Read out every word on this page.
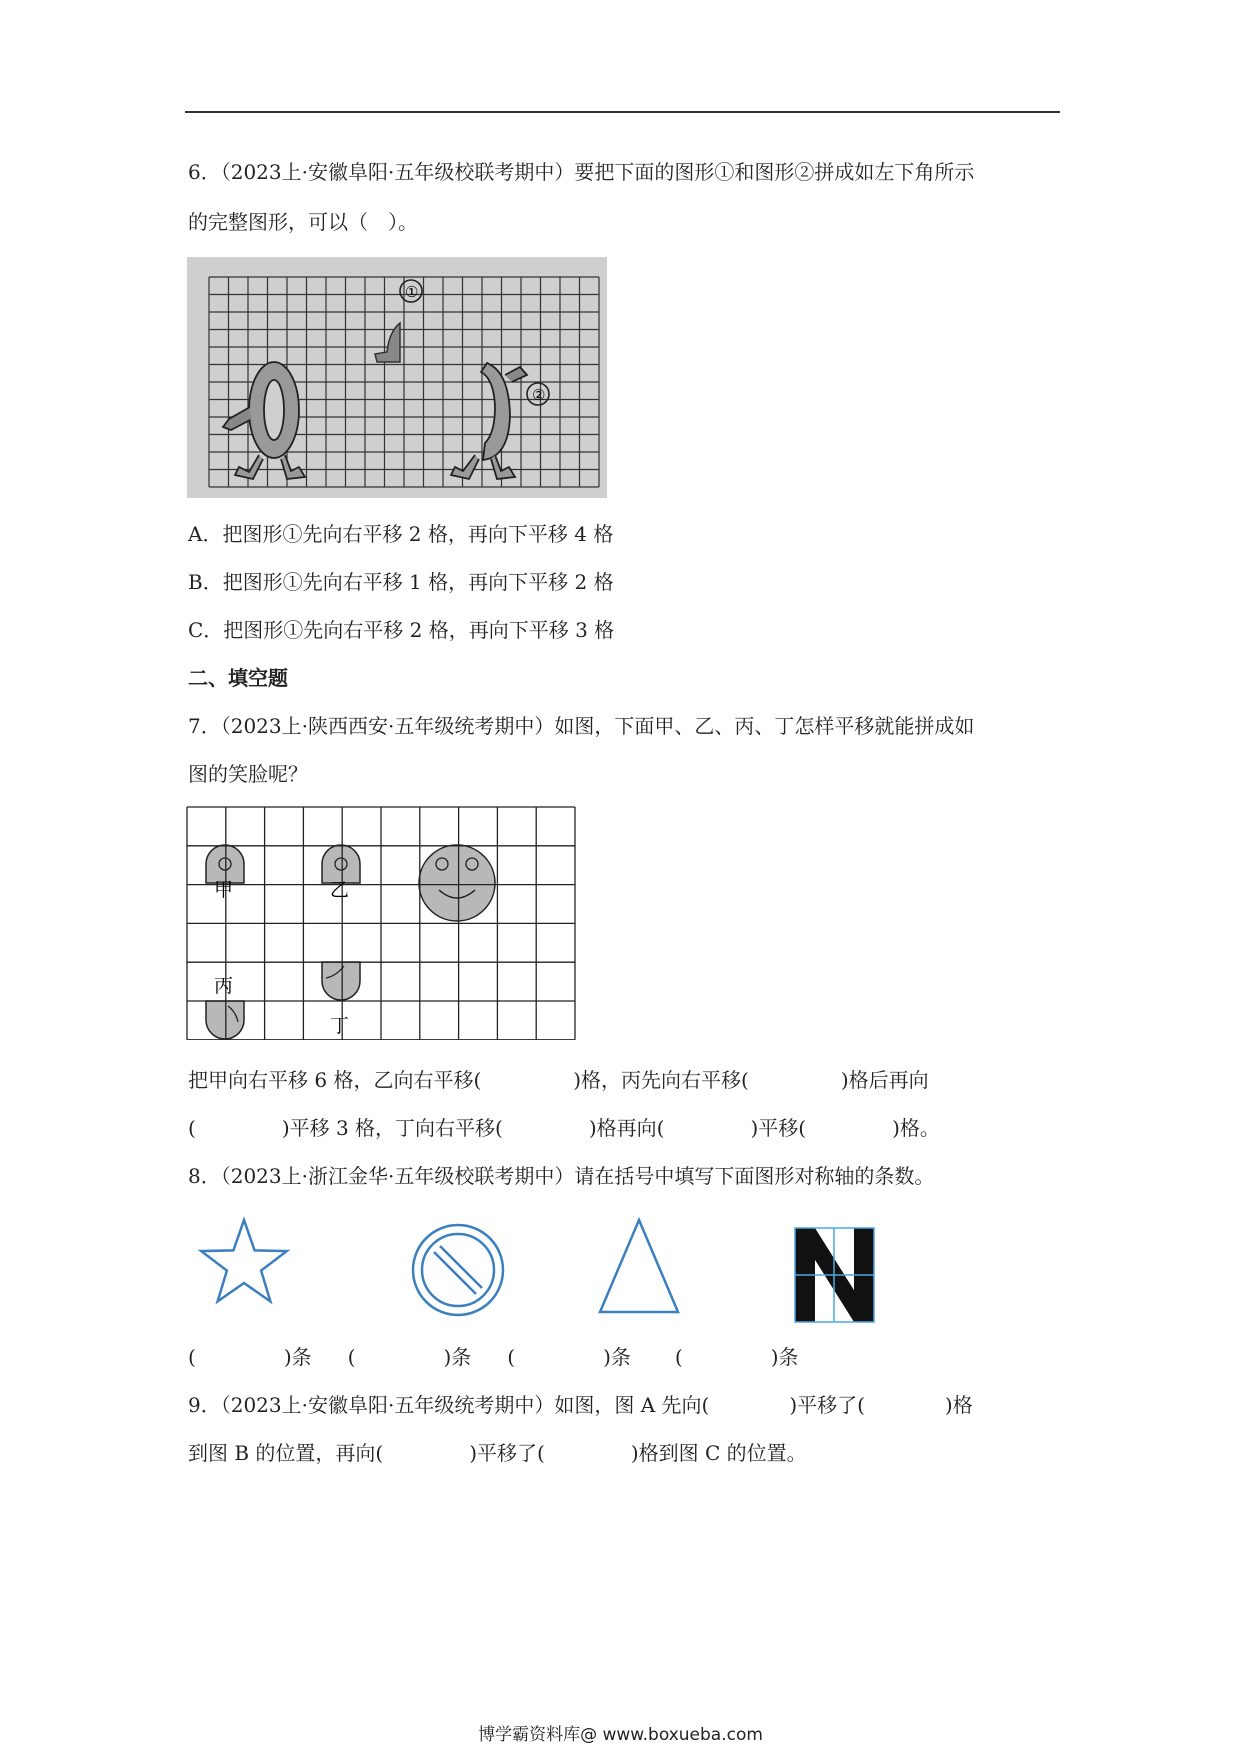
6．（2023上·安徽阜阳·五年级校联考期中）要把下面的图形①和图形②拼成如左下角所示
的完整图形，可以（　）。
①
②
A．把图形①先向右平移 2 格，再向下平移 4 格
B．把图形①先向右平移 1 格，再向下平移 2 格
C．把图形①先向右平移 2 格，再向下平移 3 格
二、填空题
7．（2023上·陕西西安·五年级统考期中）如图，下面甲、乙、丙、丁怎样平移就能拼成如
图的笑脸呢？
甲	乙
丙
丁
把甲向右平移 6 格，乙向右平移(	)格，丙先向右平移(	)格后再向
(	)平移 3 格，丁向右平移(	)格再向(	)平移(	)格。
8．（2023上·浙江金华·五年级校联考期中）请在括号中填写下面图形对称轴的条数。
(	)条 (	)条 (	)条 (	)条
9．（2023上·安徽阜阳·五年级统考期中）如图，图 A 先向(	)平移了(	)格
到图 B 的位置，再向(	)平移了(	)格到图 C 的位置。
博学霸资料库@ www.boxueba.com
